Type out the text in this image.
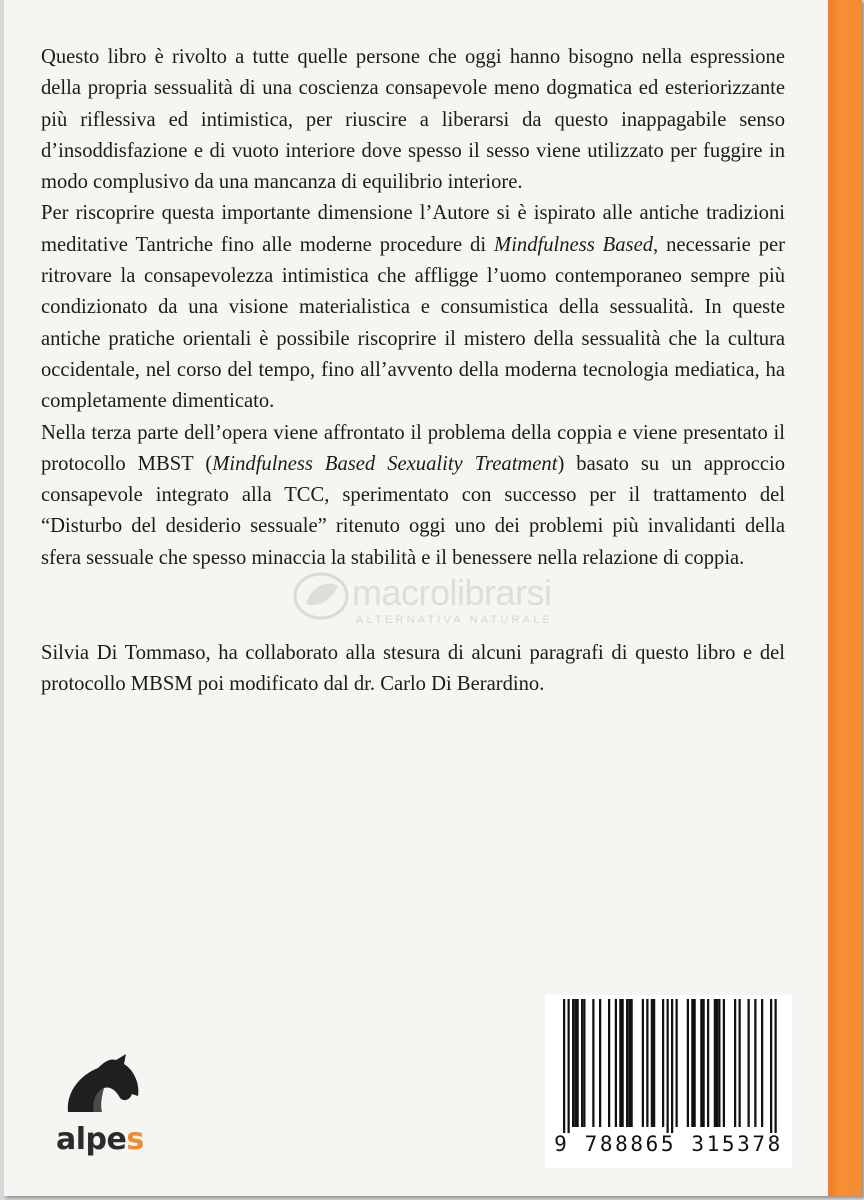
Questo libro è rivolto a tutte quelle persone che oggi hanno bisogno nella espressione della propria sessualità di una coscienza consapevole meno dogmatica ed esteriorizzante più riflessiva ed intimistica, per riuscire a liberarsi da questo inappagabile senso d’insoddisfazione e di vuoto interiore dove spesso il sesso viene utilizzato per fuggire in modo complusivo da una mancanza di equilibrio interiore.

Per riscoprire questa importante dimensione l’Autore si è ispirato alle antiche tradizioni meditative Tantriche fino alle moderne procedure di Mindfulness Based, necessarie per ritrovare la consapevolezza intimistica che affligge l’uomo contemporaneo sempre più condizionato da una visione materialistica e consumistica della sessualità. In queste antiche pratiche orientali è possibile riscoprire il mistero della sessualità che la cultura occidentale, nel corso del tempo, fino all’avvento della moderna tecnologia mediatica, ha completamente dimenticato.

Nella terza parte dell’opera viene affrontato il problema della coppia e viene presentato il protocollo MBST (Mindfulness Based Sexuality Treatment) basato su un approccio consapevole integrato alla TCC, sperimentato con successo per il trattamento del “Disturbo del desiderio sessuale” ritenuto oggi uno dei problemi più invalidanti della sfera sessuale che spesso minaccia la stabilità e il benessere nella relazione di coppia.

Silvia Di Tommaso, ha collaborato alla stesura di alcuni paragrafi di questo libro e del protocollo MBSM poi modificato dal dr. Carlo Di Berardino.

macrolibrarsi
ALTERNATIVA NATURALE
alpes	9 788865 315378
